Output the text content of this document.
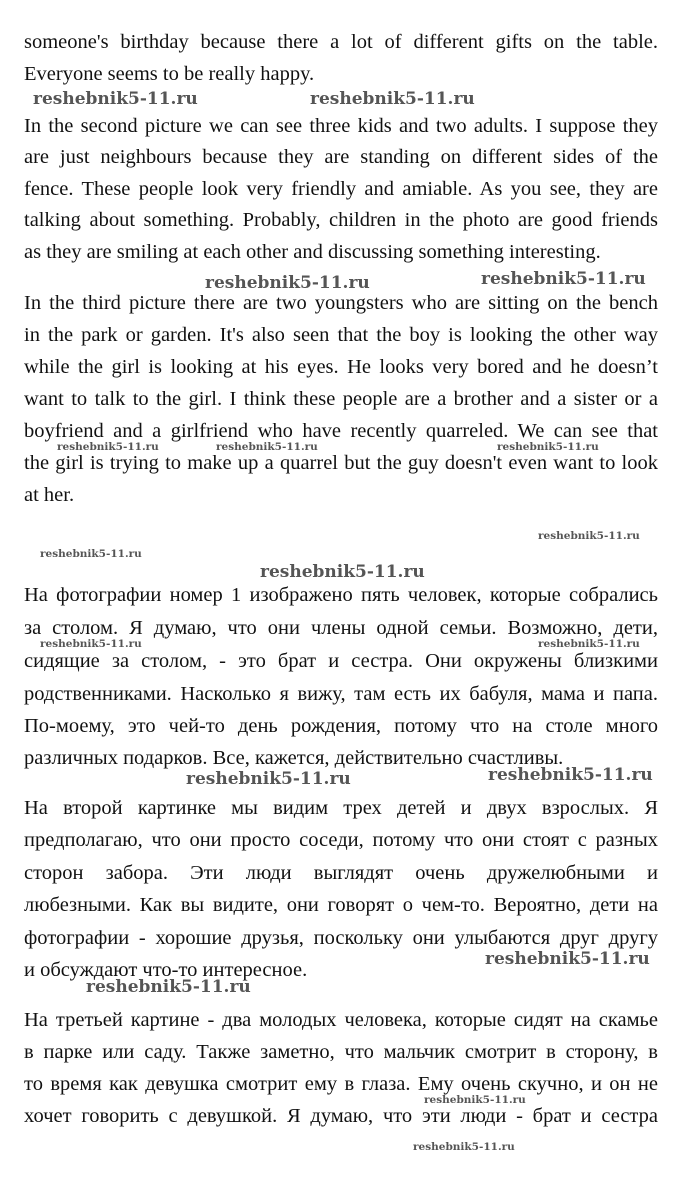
someone's birthday because there a lot of different gifts on the table.
Everyone seems to be really happy.
In the second picture we can see three kids and two adults. I suppose they
are just neighbours because they are standing on different sides of the
fence. These people look very friendly and amiable. As you see, they are
talking about something. Probably, children in the photo are good friends
as they are smiling at each other and discussing something interesting.
In the third picture there are two youngsters who are sitting on the bench
in the park or garden. It's also seen that the boy is looking the other way
while the girl is looking at his eyes. He looks very bored and he doesn’t
want to talk to the girl. I think these people are a brother and a sister or a
boyfriend and a girlfriend who have recently quarreled. We can see that
the girl is trying to make up a quarrel but the guy doesn't even want to look
at her.
На фотографии номер 1 изображено пять человек, которые собрались
за столом. Я думаю, что они члены одной семьи. Возможно, дети,
сидящие за столом, - это брат и сестра. Они окружены близкими
родственниками. Насколько я вижу, там есть их бабуля, мама и папа.
По-моему, это чей-то день рождения, потому что на столе много
различных подарков. Все, кажется, действительно счастливы.
На второй картинке мы видим трех детей и двух взрослых. Я
предполагаю, что они просто соседи, потому что они стоят с разных
сторон забора. Эти люди выглядят очень дружелюбными и
любезными. Как вы видите, они говорят о чем-то. Вероятно, дети на
фотографии - хорошие друзья, поскольку они улыбаются друг другу
и обсуждают что-то интересное.
На третьей картине - два молодых человека, которые сидят на скамье
в парке или саду. Также заметно, что мальчик смотрит в сторону, в
то время как девушка смотрит ему в глаза. Ему очень скучно, и он не
хочет говорить с девушкой. Я думаю, что эти люди - брат и сестра
reshebnik5-11.ru	reshebnik5-11.ru
reshebnik5-11.ru	reshebnik5-11.ru
reshebnik5-11.ru	reshebnik5-11.ru	reshebnik5-11.ru
reshebnik5-11.ru
reshebnik5-11.ru
reshebnik5-11.ru
reshebnik5-11.ru	reshebnik5-11.ru
reshebnik5-11.ru	reshebnik5-11.ru
reshebnik5-11.ru
reshebnik5-11.ru
reshebnik5-11.ru
reshebnik5-11.ru
